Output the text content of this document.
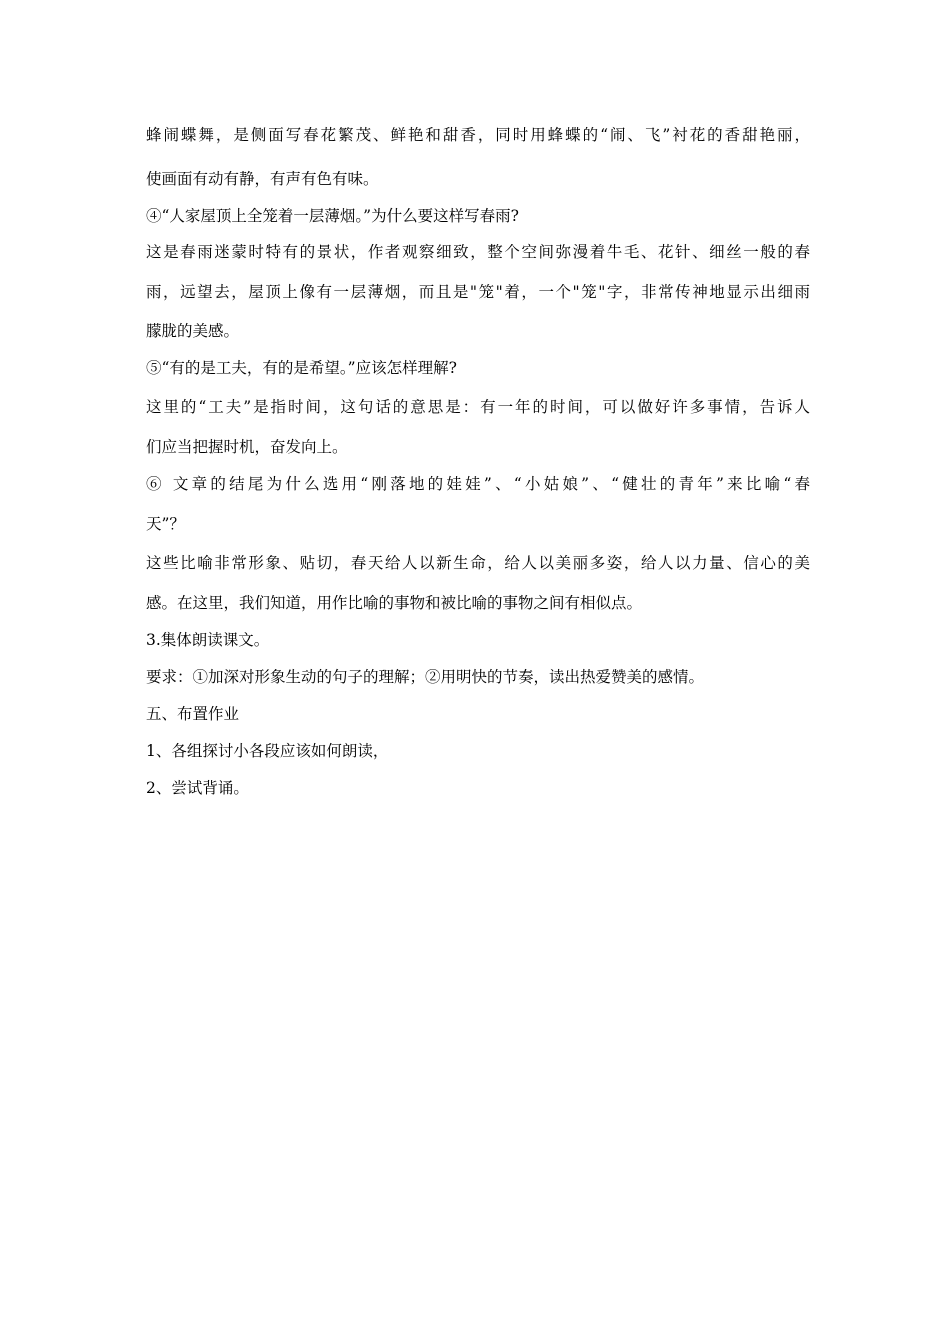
蜂闹蝶舞，是侧面写春花繁茂、鲜艳和甜香，同时用蜂蝶的“闹、飞”衬花的香甜艳丽，
使画面有动有静，有声有色有味。
④“人家屋顶上全笼着一层薄烟。”为什么要这样写春雨?
这是春雨迷蒙时特有的景状，作者观察细致，整个空间弥漫着牛毛、花针、细丝一般的春
雨，远望去，屋顶上像有一层薄烟，而且是"笼"着，一个"笼"字，非常传神地显示出细雨
朦胧的美感。
⑤“有的是工夫，有的是希望。”应该怎样理解?
这里的“工夫”是指时间，这句话的意思是：有一年的时间，可以做好许多事情，告诉人
们应当把握时机，奋发向上。
⑥ 文章的结尾为什么选用“刚落地的娃娃”、“小姑娘”、“健壮的青年”来比喻“春
天”？
这些比喻非常形象、贴切，春天给人以新生命，给人以美丽多姿，给人以力量、信心的美
感。在这里，我们知道，用作比喻的事物和被比喻的事物之间有相似点。
3.集体朗读课文。
要求：①加深对形象生动的句子的理解；②用明快的节奏，读出热爱赞美的感情。
五、布置作业
1、各组探讨小各段应该如何朗读，
2、尝试背诵。
